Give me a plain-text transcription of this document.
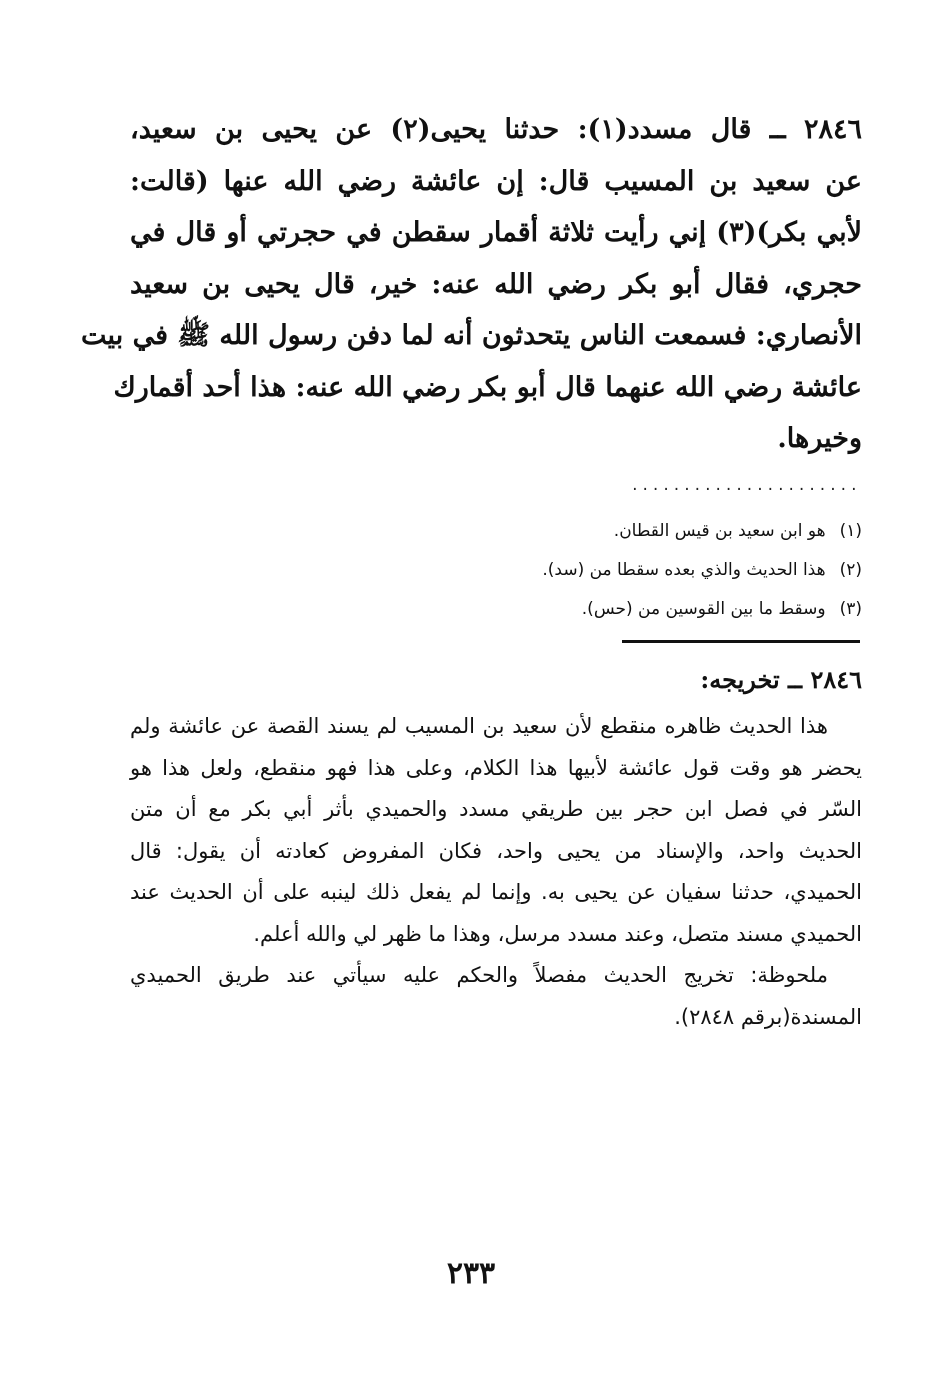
٢٨٤٦ ــ قال مسدد(١): حدثنا يحيى(٢) عن يحيى بن سعيد،
عن سعيد بن المسيب قال: إن عائشة رضي الله عنها (قالت:
لأبي بكر)(٣) إني رأيت ثلاثة أقمار سقطن في حجرتي أو قال في
حجري، فقال أبو بكر رضي الله عنه: خير، قال يحيى بن سعيد
الأنصاري: فسمعت الناس يتحدثون أنه لما دفن رسول الله ﷺ في بيت
عائشة رضي الله عنهما قال أبو بكر رضي الله عنه: هذا أحد أقمارك
وخيرها.
......................
(١)هو ابن سعيد بن قيس القطان.
(٢)هذا الحديث والذي بعده سقطا من (سد).
(٣)وسقط ما بين القوسين من (حس).
٢٨٤٦ ــ تخريجه:
هذا الحديث ظاهره منقطع لأن سعيد بن المسيب لم يسند القصة عن عائشة ولم
يحضر هو وقت قول عائشة لأبيها هذا الكلام، وعلى هذا فهو منقطع، ولعل هذا هو
السّر في فصل ابن حجر بين طريقي مسدد والحميدي بأثر أبي بكر مع أن متن
الحديث واحد، والإسناد من يحيى واحد، فكان المفروض كعادته أن يقول: قال
الحميدي، حدثنا سفيان عن يحيى به. وإنما لم يفعل ذلك لينبه على أن الحديث عند
الحميدي مسند متصل، وعند مسدد مرسل، وهذا ما ظهر لي والله أعلم.
ملحوظة: تخريج الحديث مفصلاً والحكم عليه سيأتي عند طريق الحميدي
المسندة(برقم ٢٨٤٨).
٢٣٣
